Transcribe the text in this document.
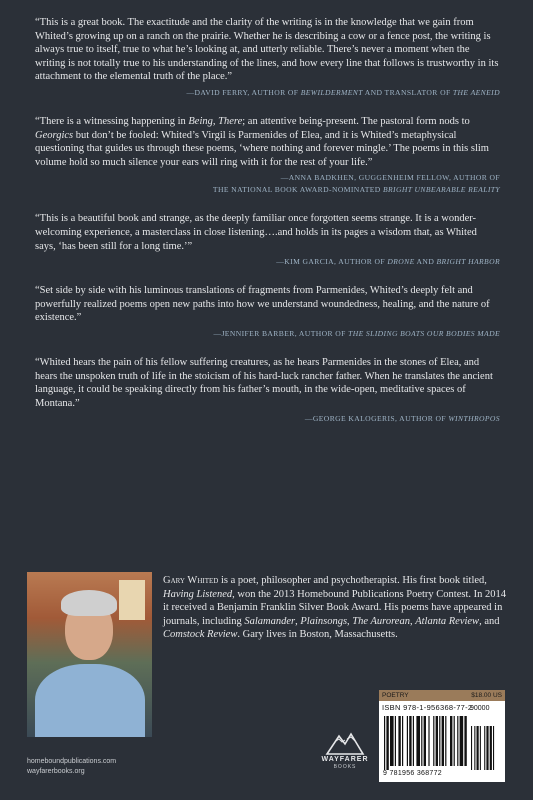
“This is a great book. The exactitude and the clarity of the writing is in the knowledge that we gain from Whited’s growing up on a ranch on the prairie. Whether he is describing a cow or a fence post, the writing is always true to itself, true to what he’s looking at, and utterly reliable. There’s never a moment when the writing is not totally true to his understanding of the lines, and how every line that follows is trustworthy in its attachment to the elemental truth of the place.”

—DAVID FERRY, AUTHOR OF BEWILDERMENT AND TRANSLATOR OF THE AENEID

“There is a witnessing happening in Being, There; an attentive being-present. The pastoral form nods to Georgics but don’t be fooled: Whited’s Virgil is Parmenides of Elea, and it is Whited’s metaphysical questioning that guides us through these poems, ‘where nothing and forever mingle.’ The poems in this slim volume hold so much silence your ears will ring with it for the rest of your life.”

—ANNA BADKHEN, GUGGENHEIM FELLOW, AUTHOR OF
THE NATIONAL BOOK AWARD-NOMINATED BRIGHT UNBEARABLE REALITY

“This is a beautiful book and strange, as the deeply familiar once forgotten seems strange. It is a wonder-welcoming experience, a masterclass in close listening….and holds in its pages a wisdom that, as Whited says, ‘has been still for a long time.’”

—KIM GARCIA, AUTHOR OF DRONE AND BRIGHT HARBOR

“Set side by side with his luminous translations of fragments from Parmenides, Whited’s deeply felt and powerfully realized poems open new paths into how we understand woundedness, healing, and the nature of existence.”

—JENNIFER BARBER, AUTHOR OF THE SLIDING BOATS OUR BODIES MADE

“Whited hears the pain of his fellow suffering creatures, as he hears Parmenides in the stones of Elea, and hears the unspoken truth of life in the stoicism of his hard-luck rancher father. When he translates the ancient language, it could be speaking directly from his father’s mouth, in the wide-open, meditative spaces of Montana.”

—GEORGE KALOGERIS, AUTHOR OF WINTHROPOS

Gary Whited is a poet, philosopher and psychotherapist. His first book titled, Having Listened, won the 2013 Homebound Publications Poetry Contest. In 2014 it received a Benjamin Franklin Silver Book Award. His poems have appeared in journals, including Salamander, Plainsongs, The Aurorean, Atlanta Review, and Comstock Review. Gary lives in Boston, Massachusetts.

homeboundpublications.com
wayfarerbooks.org
WAYFARER
BOOKS
POETRY	$18.00 US
ISBN 978-1-956368-77-2
9 781956 368772
90000
